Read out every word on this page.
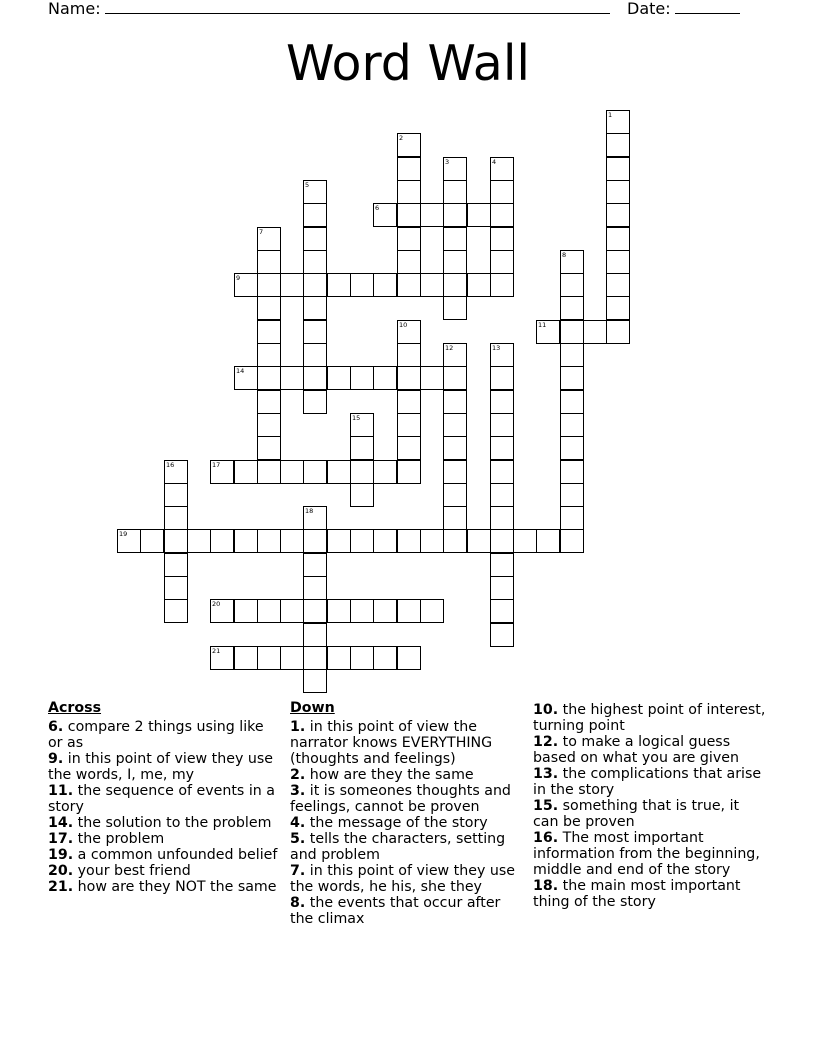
Name:	Date:
Word Wall
1
2
3	4
5
6
7
8
9
10	11
12	13
14
15
16	17
18
19
20
21
Across
6. compare 2 things using like or as
9. in this point of view they use the words, I, me, my
11. the sequence of events in a story
14. the solution to the problem
17. the problem
19. a common unfounded belief
20. your best friend
21. how are they NOT the same
Down
1. in this point of view the narrator knows EVERYTHING (thoughts and feelings)
2. how are they the same
3. it is someones thoughts and feelings, cannot be proven
4. the message of the story
5. tells the characters, setting and problem
7. in this point of view they use the words, he his, she they
8. the events that occur after the climax
10. the highest point of interest, turning point
12. to make a logical guess based on what you are given
13. the complications that arise in the story
15. something that is true, it can be proven
16. The most important information from the beginning, middle and end of the story
18. the main most important thing of the story
